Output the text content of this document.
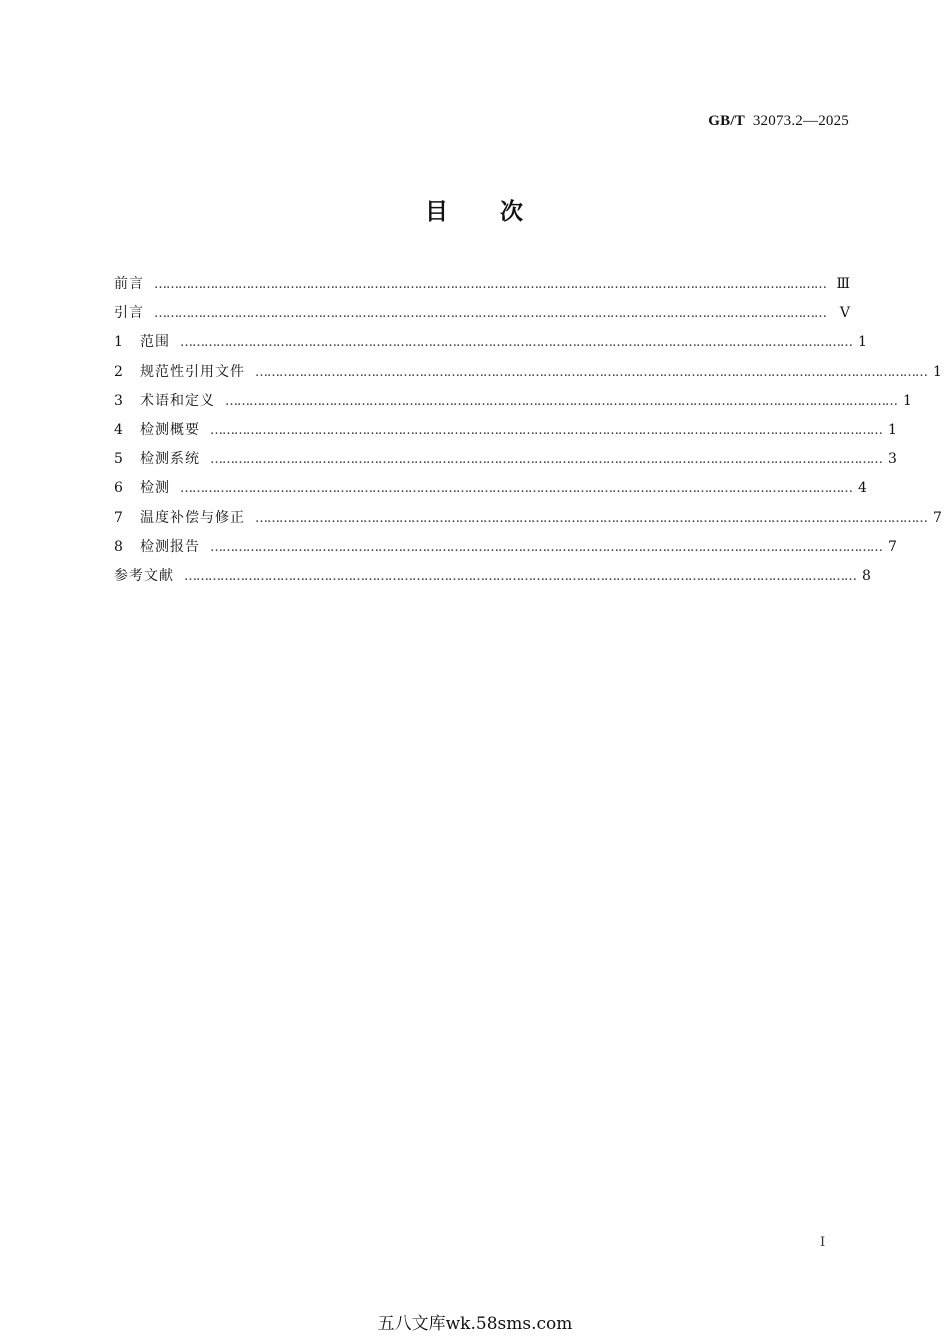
GB/T 32073.2—2025
目　　次
前言 …………………………………………………………………………………………………………………………………………………… Ⅲ
引言 …………………………………………………………………………………………………………………………………………………… Ⅴ
1	范围 …………………………………………………………………………………………………………………………………………………… 1
2	规范性引用文件 …………………………………………………………………………………………………………………………………………………… 1
3	术语和定义 …………………………………………………………………………………………………………………………………………………… 1
4	检测概要 …………………………………………………………………………………………………………………………………………………… 1
5	检测系统 …………………………………………………………………………………………………………………………………………………… 3
6	检测 …………………………………………………………………………………………………………………………………………………… 4
7	温度补偿与修正 …………………………………………………………………………………………………………………………………………………… 7
8	检测报告 …………………………………………………………………………………………………………………………………………………… 7
参考文献 …………………………………………………………………………………………………………………………………………………… 8
Ⅰ
五八文库wk.58sms.com
